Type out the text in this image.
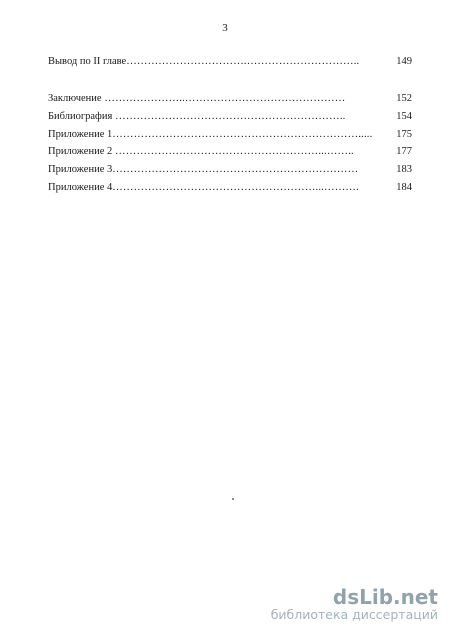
3
Вывод по II главе…………………………….…………………………..	149
Заключение …………………..………………………………………	152
Библиография ………………………………………………………..	154
Приложение 1……………………………………………………………..... 175
Приложение 2 …………………………………………………...……..	177
Приложение 3……………………………………………………………	183
Приложение 4…………………………………………………...……….	184
dsLib.net
библиотека диссертаций
